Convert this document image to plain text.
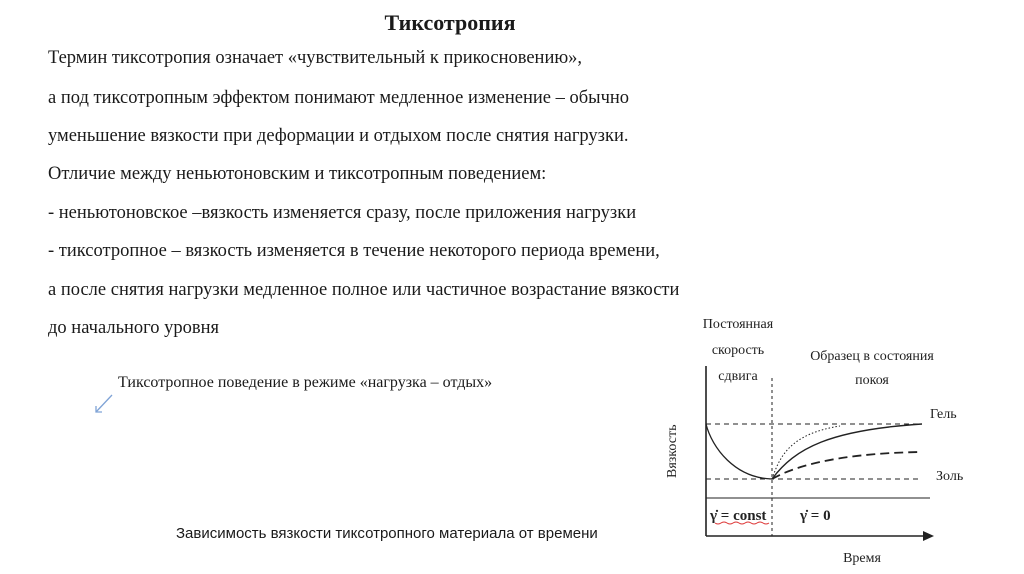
Тиксотропия
Термин тиксотропия означает «чувствительный к прикосновению»,
а под тиксотропным эффектом понимают медленное изменение – обычно
уменьшение вязкости при деформации и отдыхом после снятия нагрузки.
Отличие между неньютоновским и тиксотропным поведением:
- неньютоновское –вязкость изменяется сразу, после приложения нагрузки
- тиксотропное – вязкость изменяется в течение некоторого периода времени,
а после снятия нагрузки медленное полное или частичное возрастание вязкости
до начального уровня
Тиксотропное поведение в режиме «нагрузка – отдых»
Зависимость вязкости тиксотропного материала от времени
Постоянная
скорость
сдвига
Образец в состояния
покоя
Вязкость
Время
Гель
Золь
γ̇ = const γ̇ = 0
